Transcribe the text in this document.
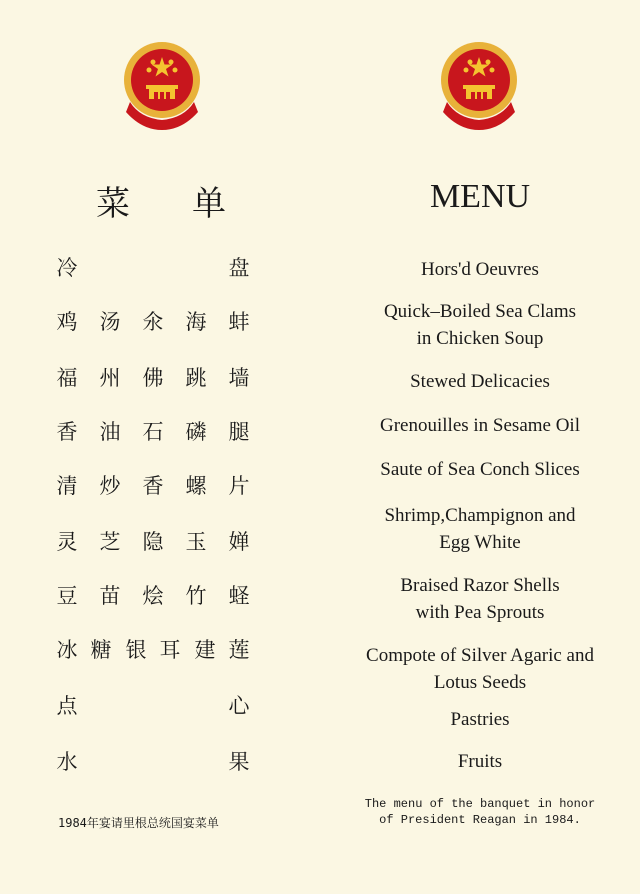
菜 单	MENU
冷	盘
鸡 汤 氽 海 蚌
福 州 佛 跳 墙
香 油 石 磷 腿
清 炒 香 螺 片
灵 芝 隐 玉 婵
豆 苗 烩 竹 蛏
冰 糖 银 耳 建 莲
点	心
水	果
Hors'd Oeuvres
Quick–Boiled Sea Clams
in Chicken Soup
Stewed Delicacies
Grenouilles in Sesame Oil
Saute of Sea Conch Slices
Shrimp,Champignon and
Egg White
Braised Razor Shells
with Pea Sprouts
Compote of Silver Agaric and
Lotus Seeds
Pastries
Fruits
1984年宴请里根总统国宴菜单
The menu of the banquet in honor
of President Reagan in 1984.
